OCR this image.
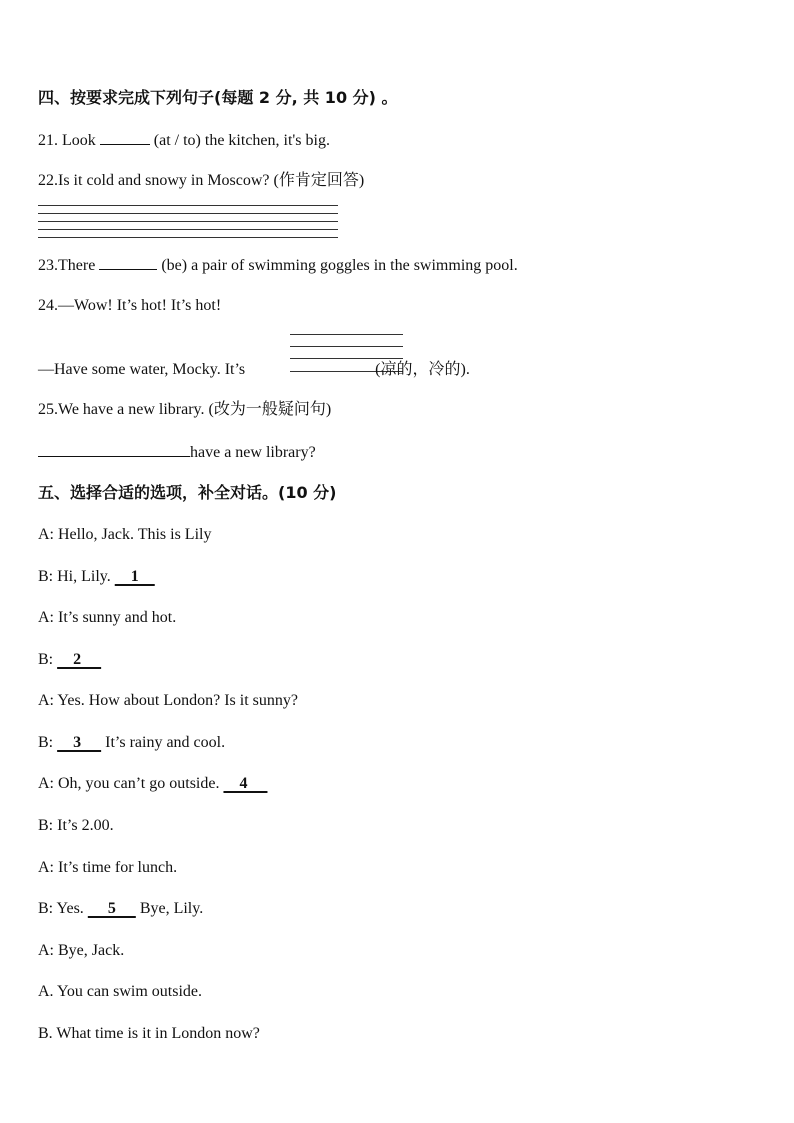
四、按要求完成下列句子(每题 2 分, 共 10 分) 。
21. Look	(at / to) the kitchen, it's big.
22.Is it cold and snowy in Moscow? (作肯定回答)
23.There	(be) a pair of swimming goggles in the swimming pool.
24.—Wow! It’s hot! It’s hot!
—Have some water, Mocky. It’s	(凉的，冷的).
25.We have a new library. (改为一般疑问句)
have a new library?
五、选择合适的选项，补全对话。(10 分)
A: Hello, Jack. This is Lily
B: Hi, Lily.     1
A: It’s sunny and hot.
B:     2
A: Yes. How about London? Is it sunny?
B:     3      It’s rainy and cool.
A: Oh, you can’t go outside.     4
B: It’s 2.00.
A: It’s time for lunch.
B: Yes.      5      Bye, Lily.
A: Bye, Jack.
A. You can swim outside.
B. What time is it in London now?
